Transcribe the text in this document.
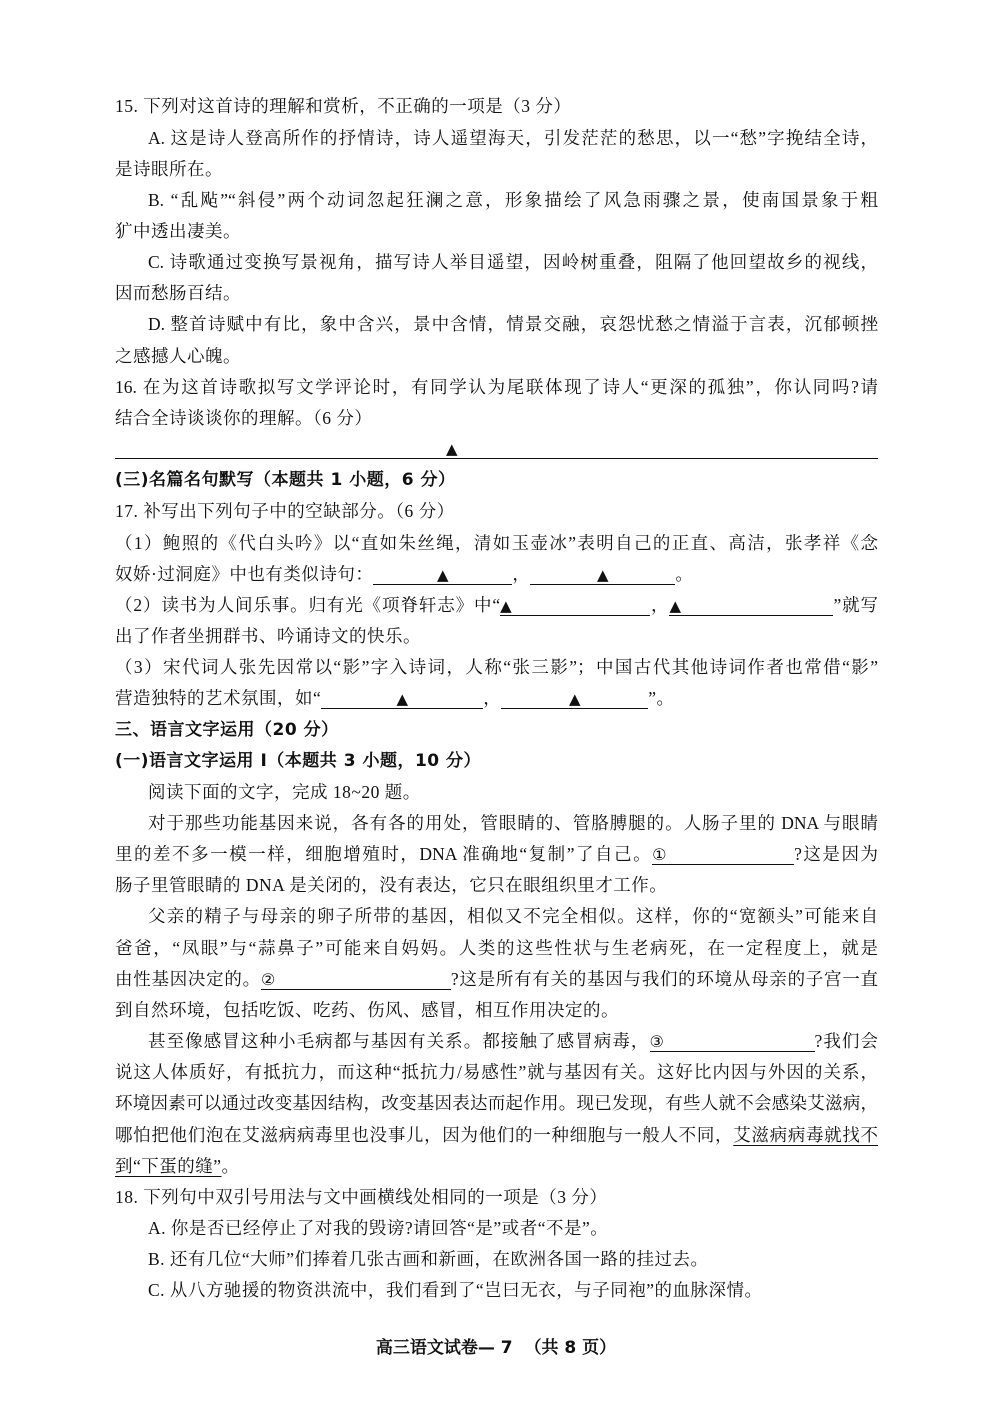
15. 下列对这首诗的理解和赏析，不正确的一项是（3 分）
A. 这是诗人登高所作的抒情诗，诗人遥望海天，引发茫茫的愁思，以一“愁”字挽结全诗，
是诗眼所在。
B. “乱飐”“斜侵”两个动词忽起狂澜之意，形象描绘了风急雨骤之景，使南国景象于粗
犷中透出凄美。
C. 诗歌通过变换写景视角，描写诗人举目遥望，因岭树重叠，阻隔了他回望故乡的视线，
因而愁肠百结。
D. 整首诗赋中有比，象中含兴，景中含情，情景交融，哀怨忧愁之情溢于言表，沉郁顿挫
之感撼人心魄。
16. 在为这首诗歌拟写文学评论时，有同学认为尾联体现了诗人“更深的孤独”，你认同吗?请
结合全诗谈谈你的理解。（6 分）
▲
(三)名篇名句默写（本题共 1 小题，6 分）
17. 补写出下列句子中的空缺部分。（6 分）
（1）鲍照的《代白头吟》以“直如朱丝绳，清如玉壶冰”表明自己的正直、高洁，张孝祥《念
奴娇·过洞庭》中也有类似诗句：	▲	，	▲	。
（2）读书为人间乐事。归有光《项脊轩志》中“▲	，▲	”就写
出了作者坐拥群书、吟诵诗文的快乐。
（3）宋代词人张先因常以“影”字入诗词，人称“张三影”；中国古代其他诗词作者也常借“影”
营造独特的艺术氛围，如“	▲	，	▲	”。
三、语言文字运用（20 分）
(一)语言文字运用 Ⅰ（本题共 3 小题，10 分）
阅读下面的文字，完成 18~20 题。
对于那些功能基因来说，各有各的用处，管眼睛的、管胳膊腿的。人肠子里的 DNA 与眼睛
里的差不多一模一样，细胞增殖时，DNA 准确地“复制”了自己。①	?这是因为
肠子里管眼睛的 DNA 是关闭的，没有表达，它只在眼组织里才工作。
父亲的精子与母亲的卵子所带的基因，相似又不完全相似。这样，你的“宽额头”可能来自
爸爸，“凤眼”与“蒜鼻子”可能来自妈妈。人类的这些性状与生老病死，在一定程度上，就是
由性基因决定的。②	?这是所有有关的基因与我们的环境从母亲的子宫一直
到自然环境，包括吃饭、吃药、伤风、感冒，相互作用决定的。
甚至像感冒这种小毛病都与基因有关系。都接触了感冒病毒，③	?我们会
说这人体质好，有抵抗力，而这种“抵抗力/易感性”就与基因有关。这好比内因与外因的关系，
环境因素可以通过改变基因结构，改变基因表达而起作用。现已发现，有些人就不会感染艾滋病，
哪怕把他们泡在艾滋病病毒里也没事儿，因为他们的一种细胞与一般人不同，艾滋病病毒就找不
到“下蛋的缝”。
18. 下列句中双引号用法与文中画横线处相同的一项是（3 分）
A. 你是否已经停止了对我的毁谤?请回答“是”或者“不是”。
B. 还有几位“大师”们捧着几张古画和新画，在欧洲各国一路的挂过去。
C. 从八方驰援的物资洪流中，我们看到了“岂曰无衣，与子同袍”的血脉深情。
高三语文试卷— 7  （共 8 页）
